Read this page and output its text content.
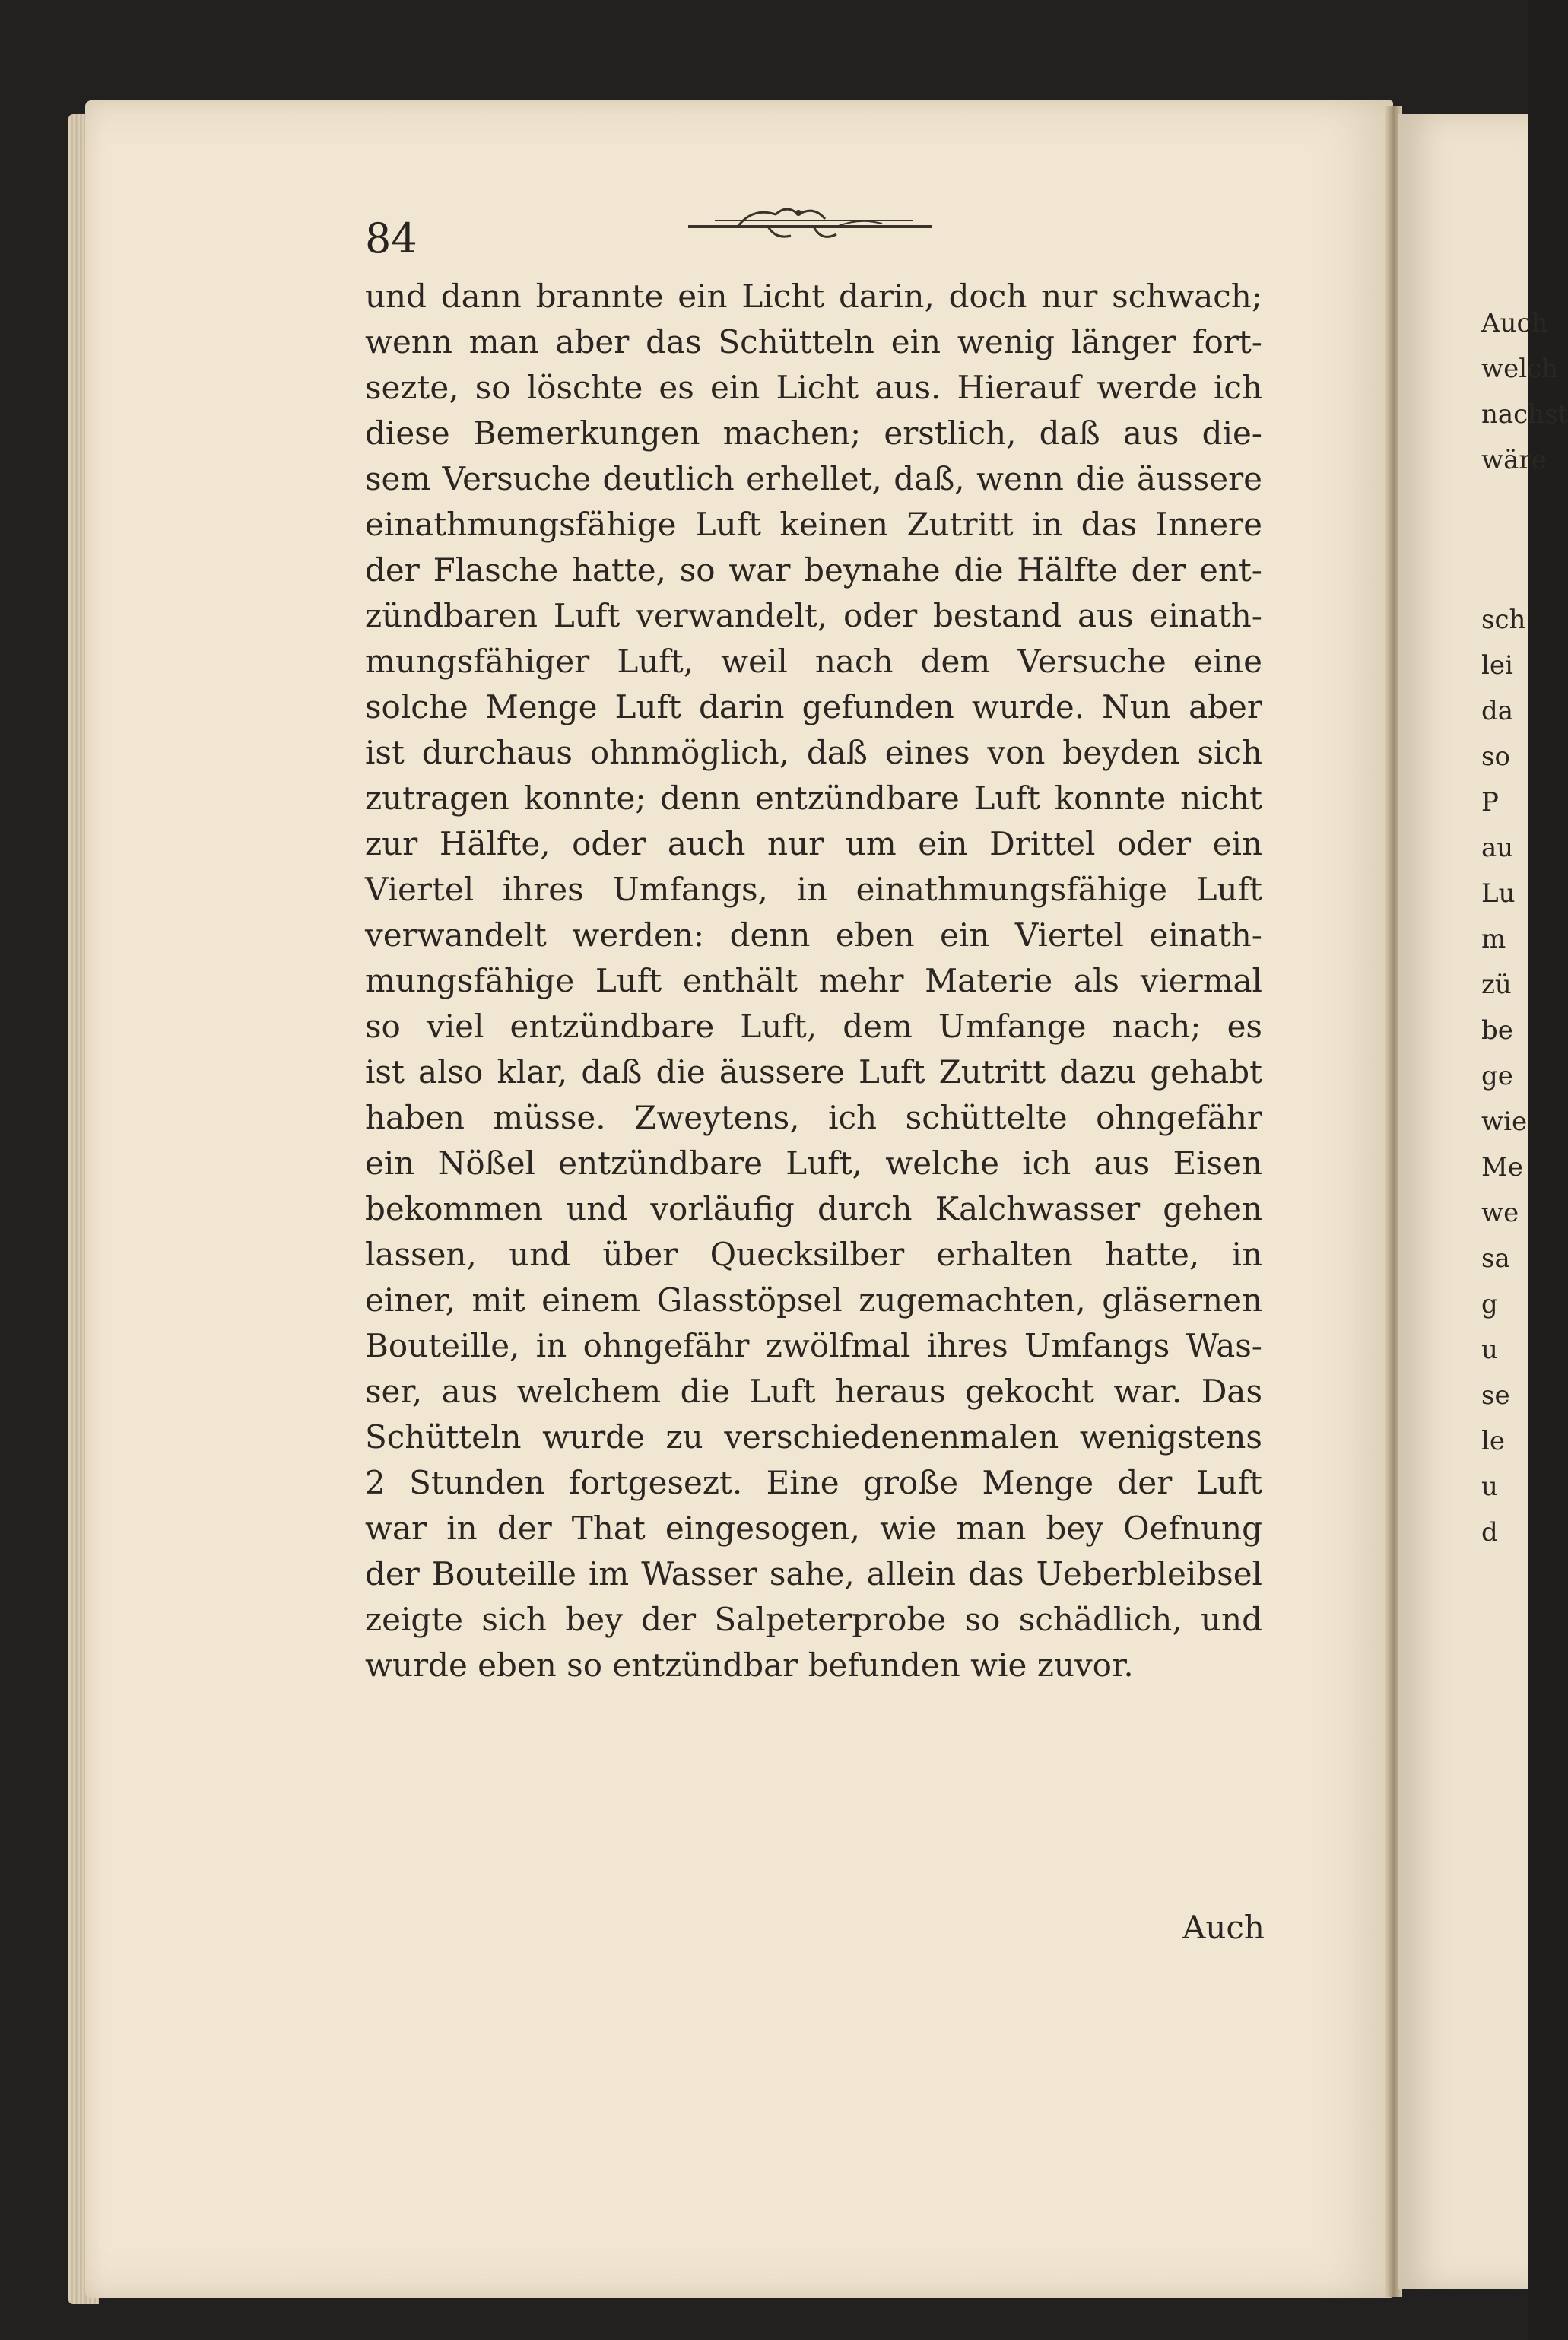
84
und dann brannte ein Licht darin, doch nur schwach;
wenn man aber das Schütteln ein wenig länger fort-
sezte, so löschte es ein Licht aus. Hierauf werde ich
diese Bemerkungen machen; erstlich, daß aus die-
sem Versuche deutlich erhellet, daß, wenn die äussere
einathmungsfähige Luft keinen Zutritt in das Innere
der Flasche hatte, so war beynahe die Hälfte der ent-
zündbaren Luft verwandelt, oder bestand aus einath-
mungsfähiger Luft, weil nach dem Versuche eine
solche Menge Luft darin gefunden wurde. Nun aber
ist durchaus ohnmöglich, daß eines von beyden sich
zutragen konnte; denn entzündbare Luft konnte nicht
zur Hälfte, oder auch nur um ein Drittel oder ein
Viertel ihres Umfangs, in einathmungsfähige Luft
verwandelt werden: denn eben ein Viertel einath-
mungsfähige Luft enthält mehr Materie als viermal
so viel entzündbare Luft, dem Umfange nach; es
ist also klar, daß die äussere Luft Zutritt dazu gehabt
haben müsse. Zweytens, ich schüttelte ohngefähr
ein Nößel entzündbare Luft, welche ich aus Eisen
bekommen und vorläufig durch Kalchwasser gehen
lassen, und über Quecksilber erhalten hatte, in
einer, mit einem Glasstöpsel zugemachten, gläsernen
Bouteille, in ohngefähr zwölfmal ihres Umfangs Was-
ser, aus welchem die Luft heraus gekocht war. Das
Schütteln wurde zu verschiedenenmalen wenigstens
2 Stunden fortgesezt. Eine große Menge der Luft
war in der That eingesogen, wie man bey Oefnung
der Bouteille im Wasser sahe, allein das Ueberbleibsel
zeigte sich bey der Salpeterprobe so schädlich, und
wurde eben so entzündbar befunden wie zuvor.
Auch
Auch
welch
nachst
wäre
sch
lei
da
so
P
au
Lu
m
zü
be
ge
wie
Me
we
sa
g
u
se
le
u
d
